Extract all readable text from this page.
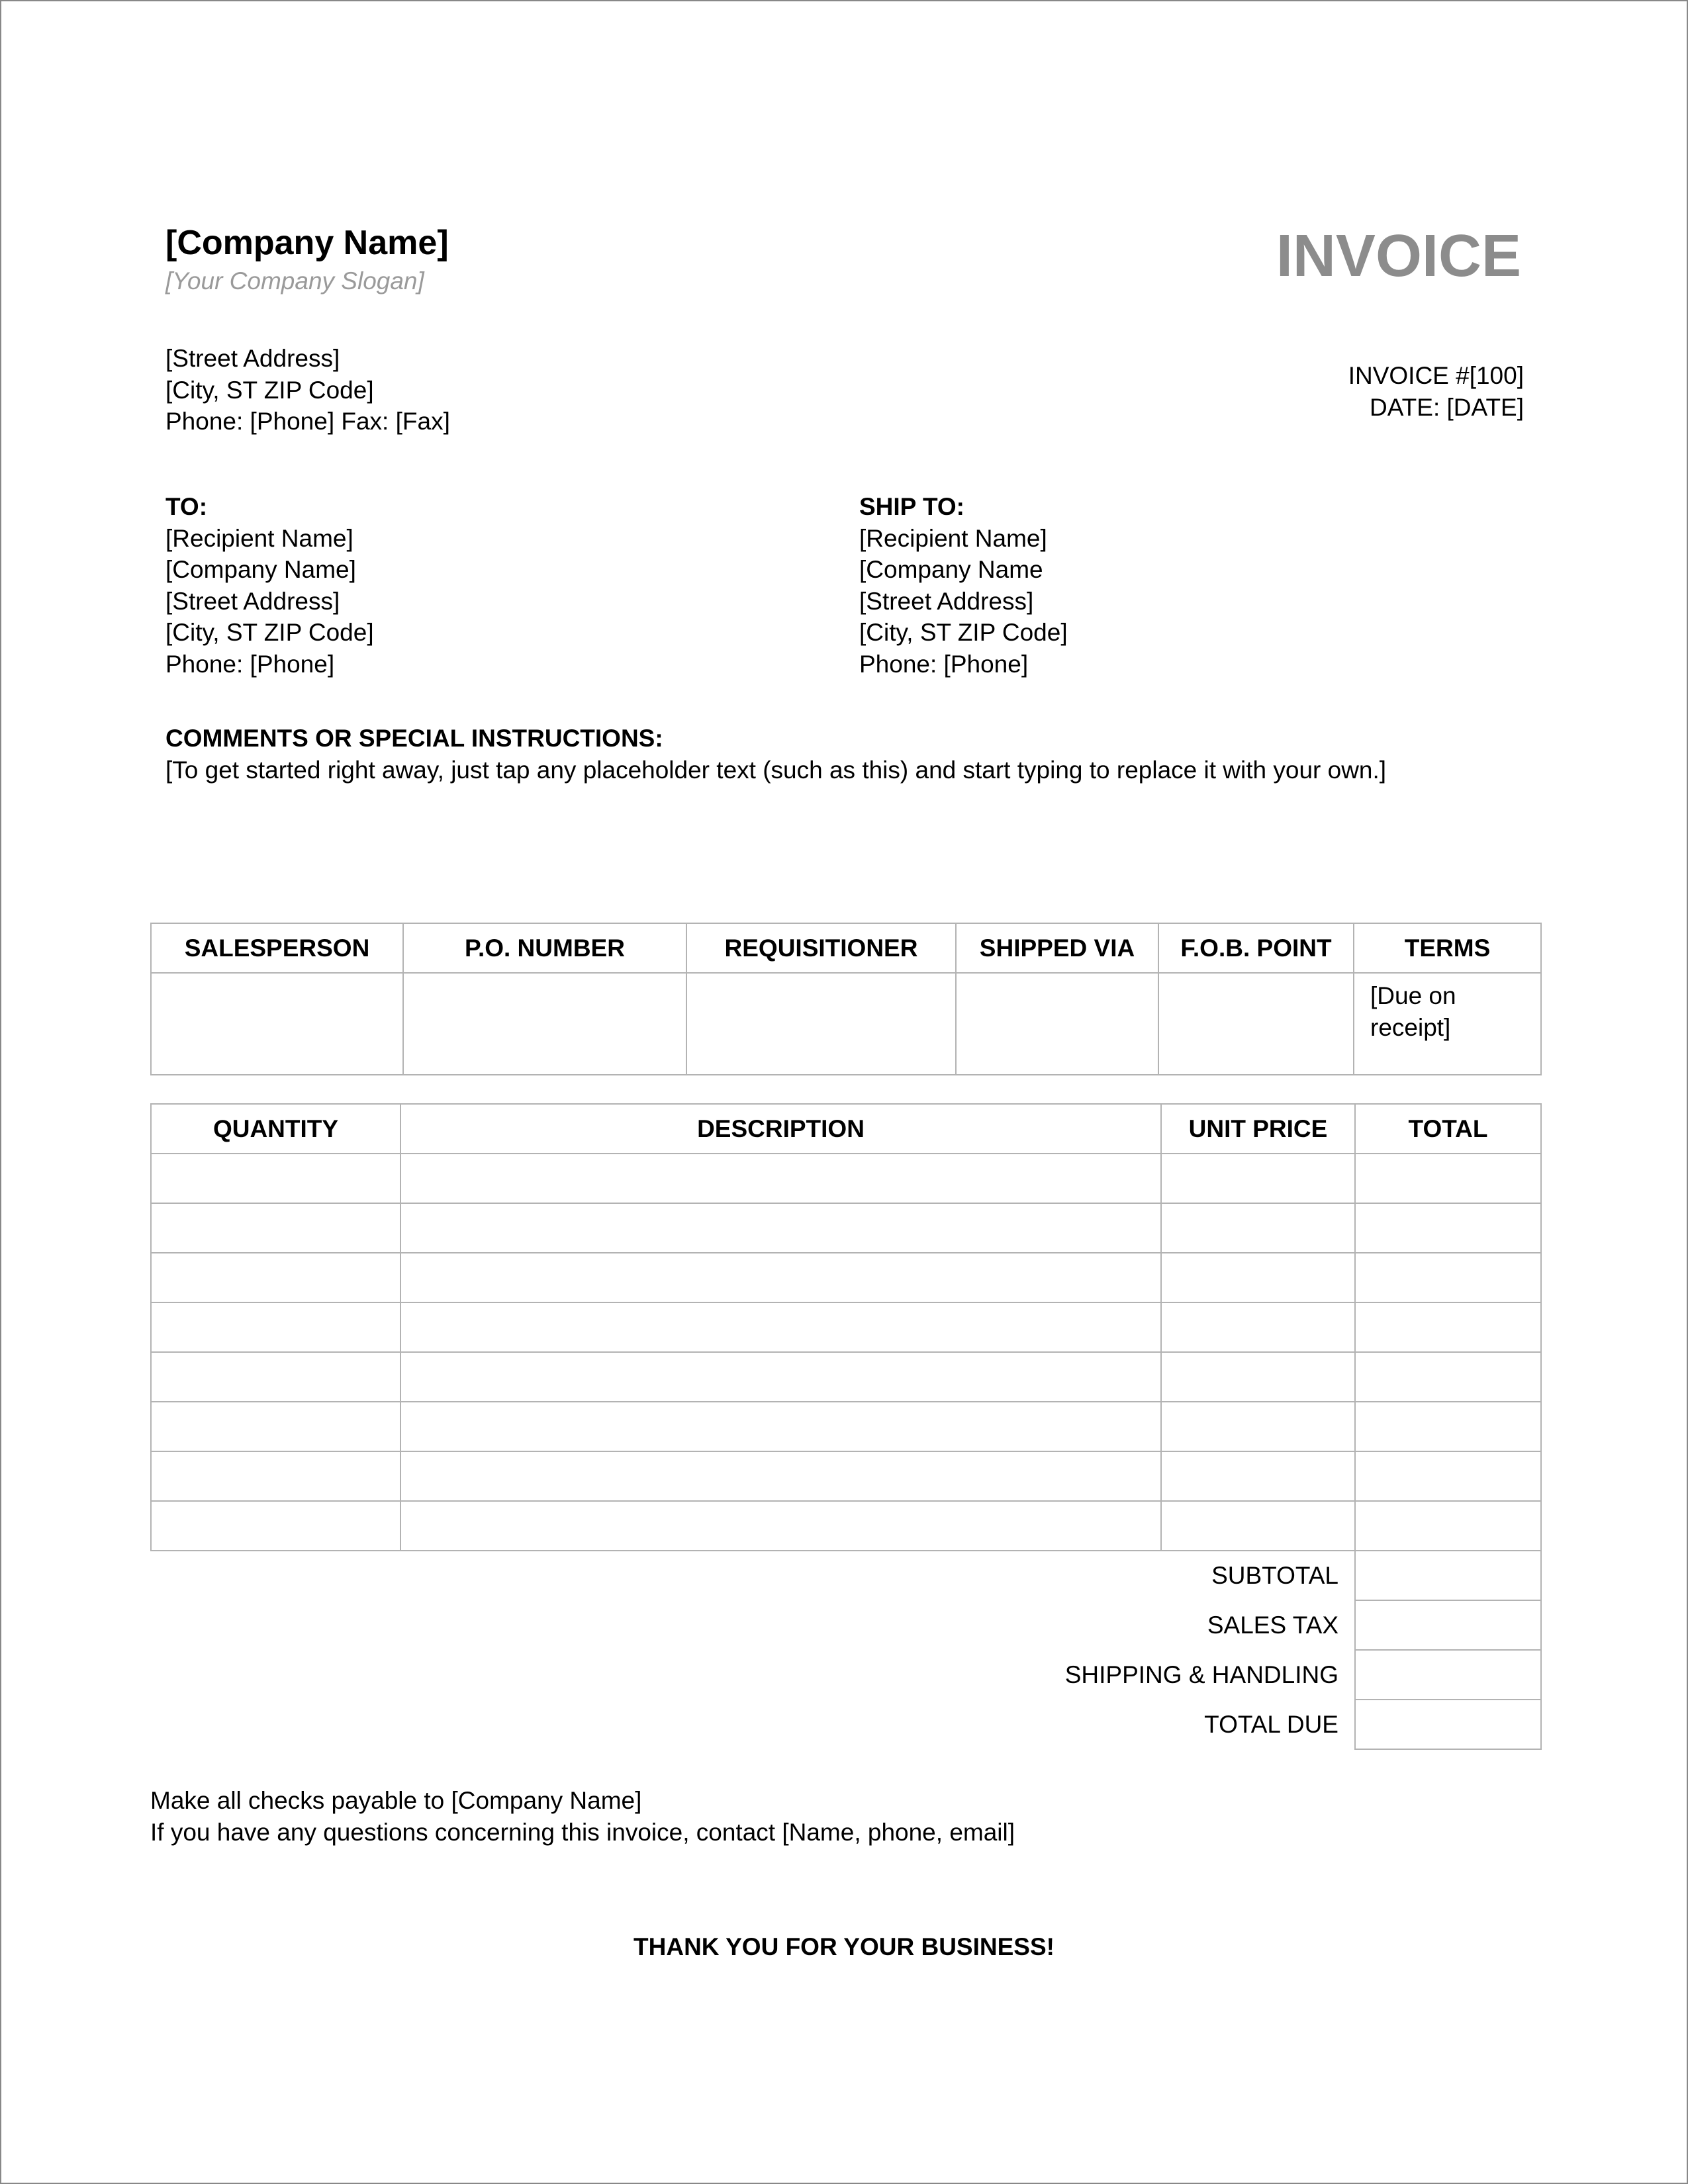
[Company Name]
[Your Company Slogan]	INVOICE
[Street Address]
[City, ST ZIP Code]
Phone: [Phone] Fax: [Fax]
INVOICE #[100]
DATE: [DATE]
TO:
[Recipient Name]
[Company Name]
[Street Address]
[City, ST ZIP Code]
Phone: [Phone]
SHIP TO:
[Recipient Name]
[Company Name
[Street Address]
[City, ST ZIP Code]
Phone: [Phone]
COMMENTS OR SPECIAL INSTRUCTIONS:
[To get started right away, just tap any placeholder text (such as this) and start typing to replace it with your own.]
SALESPERSON	P.O. NUMBER	REQUISITIONER	SHIPPED VIA	F.O.B. POINT	TERMS
					[Due on receipt]
QUANTITY	DESCRIPTION	UNIT PRICE	TOTAL

	SUBTOTAL		
	SALES TAX		
	SHIPPING & HANDLING		
	TOTAL DUE		
Make all checks payable to [Company Name]
If you have any questions concerning this invoice, contact [Name, phone, email]
THANK YOU FOR YOUR BUSINESS!
